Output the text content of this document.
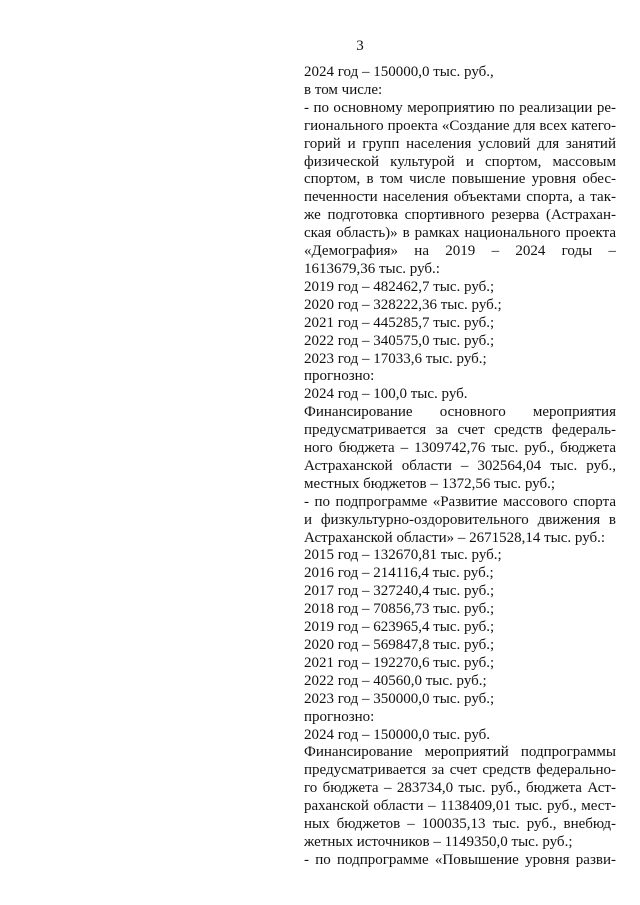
3
2024 год – 150000,0 тыс. руб.,
в том числе:
- по основному мероприятию по реализации ре-
гионального проекта «Создание для всех катего-
горий и групп населения условий для занятий
физической культурой и спортом, массовым
спортом, в том числе повышение уровня обес-
печенности населения объектами спорта, а так-
же подготовка спортивного резерва (Астрахан-
ская область)» в рамках национального проекта
«Демография» на 2019 – 2024 годы –
1613679,36 тыс. руб.:
2019 год – 482462,7 тыс. руб.;
2020 год – 328222,36 тыс. руб.;
2021 год – 445285,7 тыс. руб.;
2022 год – 340575,0 тыс. руб.;
2023 год – 17033,6 тыс. руб.;
прогнозно:
2024 год – 100,0 тыс. руб.
Финансирование основного мероприятия
предусматривается за счет средств федераль-
ного бюджета – 1309742,76 тыс. руб., бюджета
Астраханской области – 302564,04 тыс. руб.,
местных бюджетов – 1372,56 тыс. руб.;
- по подпрограмме «Развитие массового спорта
и физкультурно-оздоровительного движения в
Астраханской области» – 2671528,14 тыс. руб.:
2015 год – 132670,81 тыс. руб.;
2016 год – 214116,4 тыс. руб.;
2017 год – 327240,4 тыс. руб.;
2018 год – 70856,73 тыс. руб.;
2019 год – 623965,4 тыс. руб.;
2020 год – 569847,8 тыс. руб.;
2021 год – 192270,6 тыс. руб.;
2022 год – 40560,0 тыс. руб.;
2023 год – 350000,0 тыс. руб.;
прогнозно:
2024 год – 150000,0 тыс. руб.
Финансирование мероприятий подпрограммы
предусматривается за счет средств федерально-
го бюджета – 283734,0 тыс. руб., бюджета Аст-
раханской области – 1138409,01 тыс. руб., мест-
ных бюджетов – 100035,13 тыс. руб., внебюд-
жетных источников – 1149350,0 тыс. руб.;
- по подпрограмме «Повышение уровня разви-
